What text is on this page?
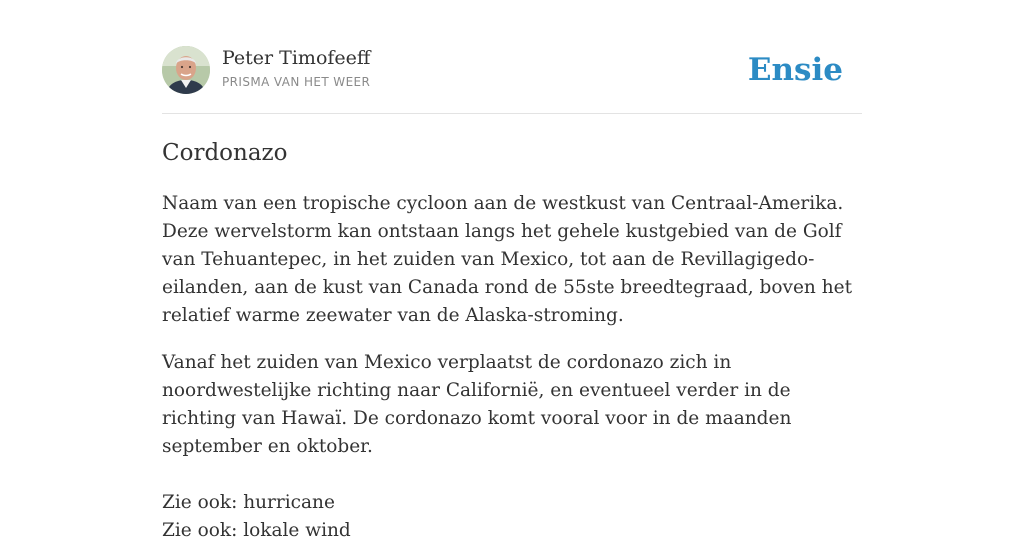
Peter Timofeeff
PRISMA VAN HET WEER	Ensie
Cordonazo

Naam van een tropische cycloon aan de westkust van Centraal-Amerika. Deze wervelstorm kan ontstaan langs het gehele kustgebied van de Golf van Tehuantepec, in het zuiden van Mexico, tot aan de Revillagigedo-eilanden, aan de kust van Canada rond de 55ste breedtegraad, boven het relatief warme zeewater van de Alaska-stroming.

Vanaf het zuiden van Mexico verplaatst de cordonazo zich in noordwestelijke richting naar Californië, en eventueel verder in de richting van Hawaï. De cordonazo komt vooral voor in de maanden september en oktober.

Zie ook: hurricane
Zie ook: lokale wind
